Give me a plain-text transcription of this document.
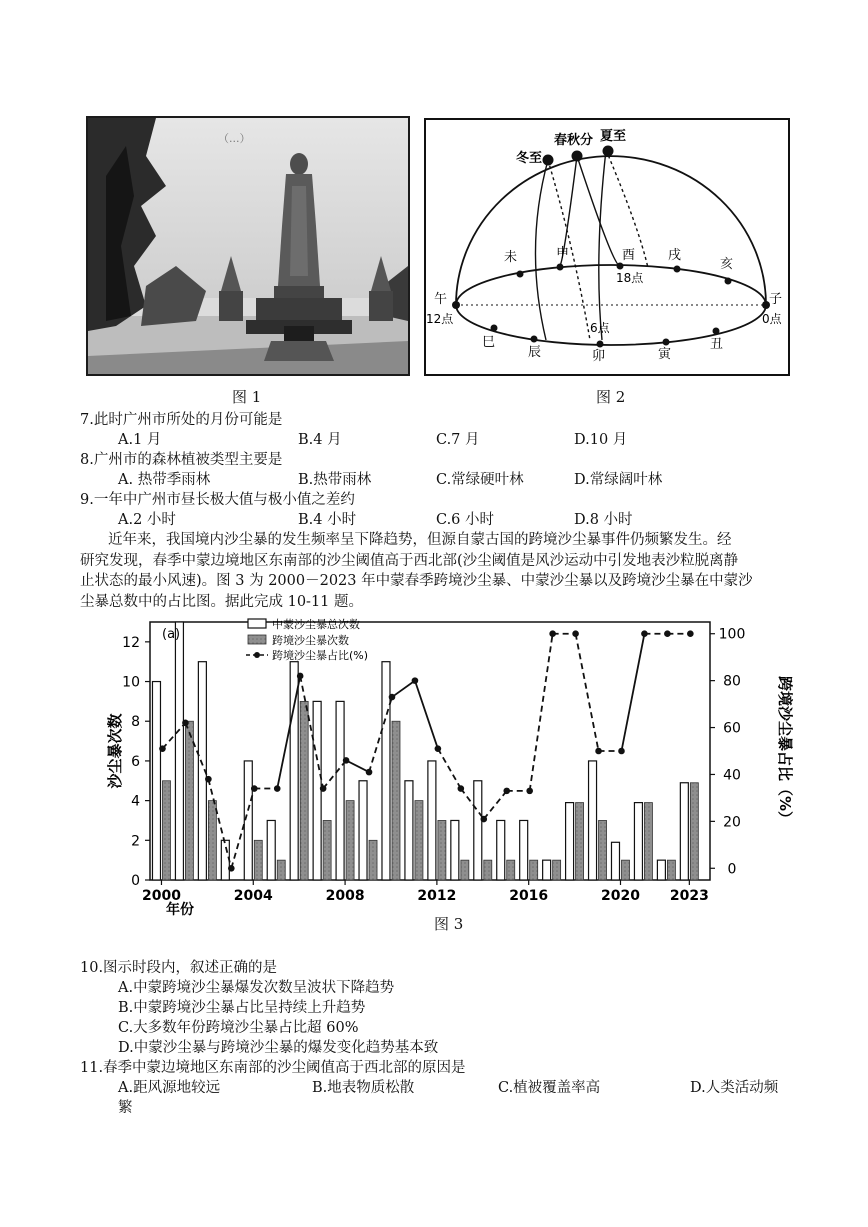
（...）
图 1
冬至
春秋分 夏至
未	申	酉	戌
亥
18点
午
12点
子
0点
6点
巳
辰	卯	寅
丑
图 2
7.此时广州市所处的月份可能是
A.1 月	B.4 月	C.7 月	D.10 月
8.广州市的森林植被类型主要是
A. 热带季雨林	B.热带雨林	C.常绿硬叶林	D.常绿阔叶林
9.一年中广州市昼长极大值与极小值之差约
A.2 小时	B.4 小时	C.6 小时	D.8 小时
近年来，我国境内沙尘暴的发生频率呈下降趋势，但源自蒙古国的跨境沙尘暴事件仍频繁发生。经
研究发现，春季中蒙边境地区东南部的沙尘阈值高于西北部(沙尘阈值是风沙运动中引发地表沙粒脱离静
止状态的最小风速)。图 3 为 2000－2023 年中蒙春季跨境沙尘暴、中蒙沙尘暴以及跨境沙尘暴在中蒙沙
尘暴总数中的占比图。据此完成 10-11 题。
0
2
4
6
8
10
12
0
20
40
60
80
100
2000	2004	2008	2012	2016	2020 2023
(a)
沙尘暴次数	跨境沙尘暴占比（%）
年份
中蒙沙尘暴总次数
跨境沙尘暴次数
跨境沙尘暴占比(%)
图 3
10.图示时段内，叙述正确的是
A.中蒙跨境沙尘暴爆发次数呈波状下降趋势
B.中蒙跨境沙尘暴占比呈持续上升趋势
C.大多数年份跨境沙尘暴占比超 60%
D.中蒙沙尘暴与跨境沙尘暴的爆发变化趋势基本致
11.春季中蒙边境地区东南部的沙尘阈值高于西北部的原因是
A.距风源地较远	B.地表物质松散	C.植被覆盖率高	D.人类活动频
繁
